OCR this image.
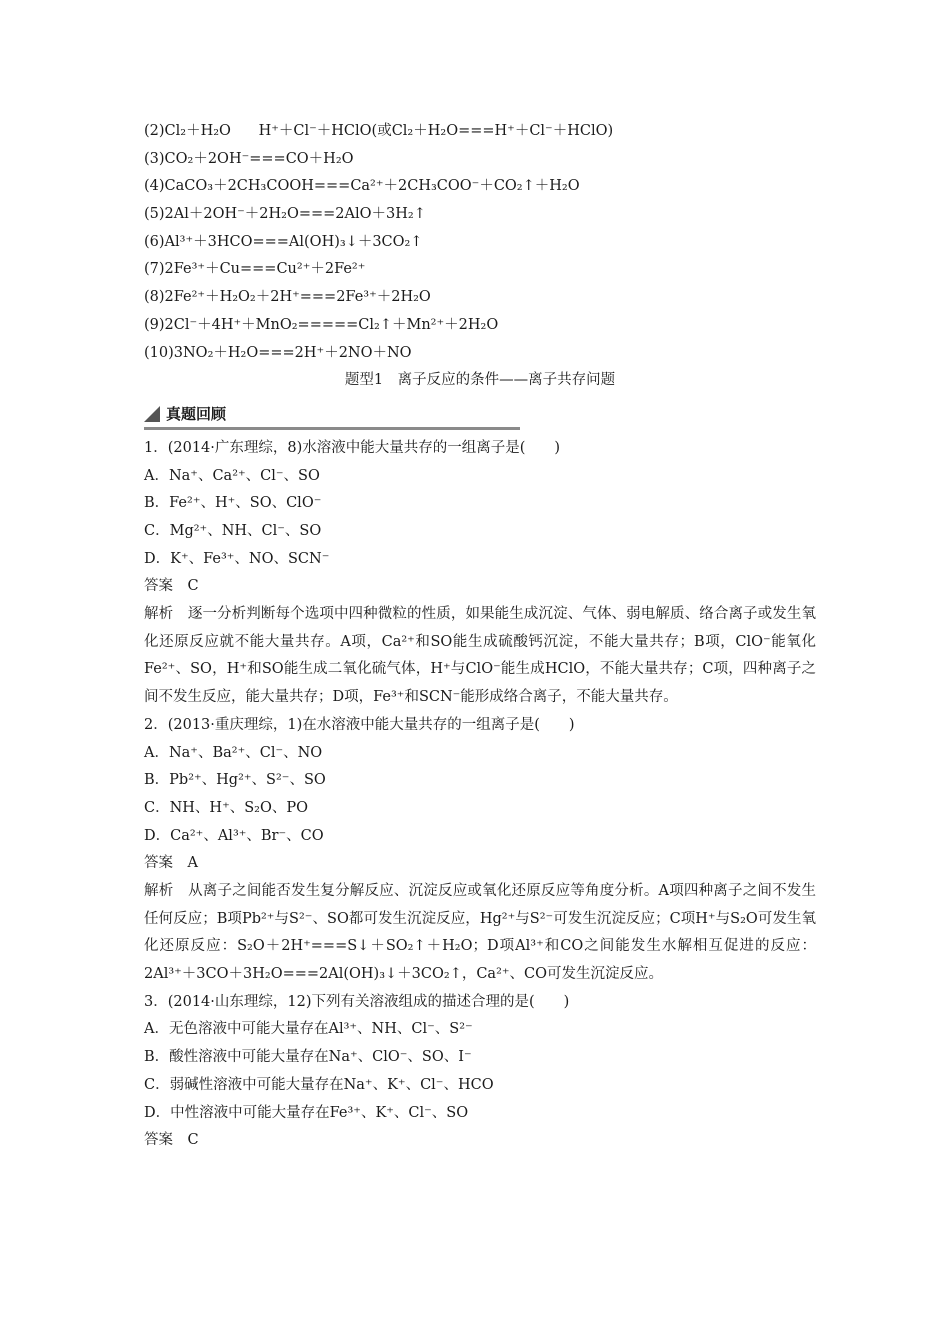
(2)Cl₂＋H₂O      H⁺＋Cl⁻＋HClO(或Cl₂＋H₂O===H⁺＋Cl⁻＋HClO)
(3)CO₂＋2OH⁻===CO＋H₂O
(4)CaCO₃＋2CH₃COOH===Ca²⁺＋2CH₃COO⁻＋CO₂↑＋H₂O
(5)2Al＋2OH⁻＋2H₂O===2AlO＋3H₂↑
(6)Al³⁺＋3HCO===Al(OH)₃↓＋3CO₂↑
(7)2Fe³⁺＋Cu===Cu²⁺＋2Fe²⁺
(8)2Fe²⁺＋H₂O₂＋2H⁺===2Fe³⁺＋2H₂O
(9)2Cl⁻＋4H⁺＋MnO₂=====Cl₂↑＋Mn²⁺＋2H₂O
(10)3NO₂＋H₂O===2H⁺＋2NO＋NO
题型1　离子反应的条件——离子共存问题
真题回顾
1．(2014·广东理综，8)水溶液中能大量共存的一组离子是(　　)
A．Na⁺、Ca²⁺、Cl⁻、SO
B．Fe²⁺、H⁺、SO、ClO⁻
C．Mg²⁺、NH、Cl⁻、SO
D．K⁺、Fe³⁺、NO、SCN⁻
答案　C
解析　逐一分析判断每个选项中四种微粒的性质，如果能生成沉淀、气体、弱电解质、络合离子或发生氧化还原反应就不能大量共存。A项，Ca²⁺和SO能生成硫酸钙沉淀，不能大量共存；B项，ClO⁻能氧化Fe²⁺、SO，H⁺和SO能生成二氧化硫气体，H⁺与ClO⁻能生成HClO，不能大量共存；C项，四种离子之间不发生反应，能大量共存；D项，Fe³⁺和SCN⁻能形成络合离子，不能大量共存。
2．(2013·重庆理综，1)在水溶液中能大量共存的一组离子是(　　)
A．Na⁺、Ba²⁺、Cl⁻、NO
B．Pb²⁺、Hg²⁺、S²⁻、SO
C．NH、H⁺、S₂O、PO
D．Ca²⁺、Al³⁺、Br⁻、CO
答案　A
解析　从离子之间能否发生复分解反应、沉淀反应或氧化还原反应等角度分析。A项四种离子之间不发生任何反应；B项Pb²⁺与S²⁻、SO都可发生沉淀反应，Hg²⁺与S²⁻可发生沉淀反应；C项H⁺与S₂O可发生氧化还原反应：S₂O＋2H⁺===S↓＋SO₂↑＋H₂O；D项Al³⁺和CO之间能发生水解相互促进的反应：2Al³⁺＋3CO＋3H₂O===2Al(OH)₃↓＋3CO₂↑，Ca²⁺、CO可发生沉淀反应。
3．(2014·山东理综，12)下列有关溶液组成的描述合理的是(　　)
A．无色溶液中可能大量存在Al³⁺、NH、Cl⁻、S²⁻
B．酸性溶液中可能大量存在Na⁺、ClO⁻、SO、I⁻
C．弱碱性溶液中可能大量存在Na⁺、K⁺、Cl⁻、HCO
D．中性溶液中可能大量存在Fe³⁺、K⁺、Cl⁻、SO
答案　C
